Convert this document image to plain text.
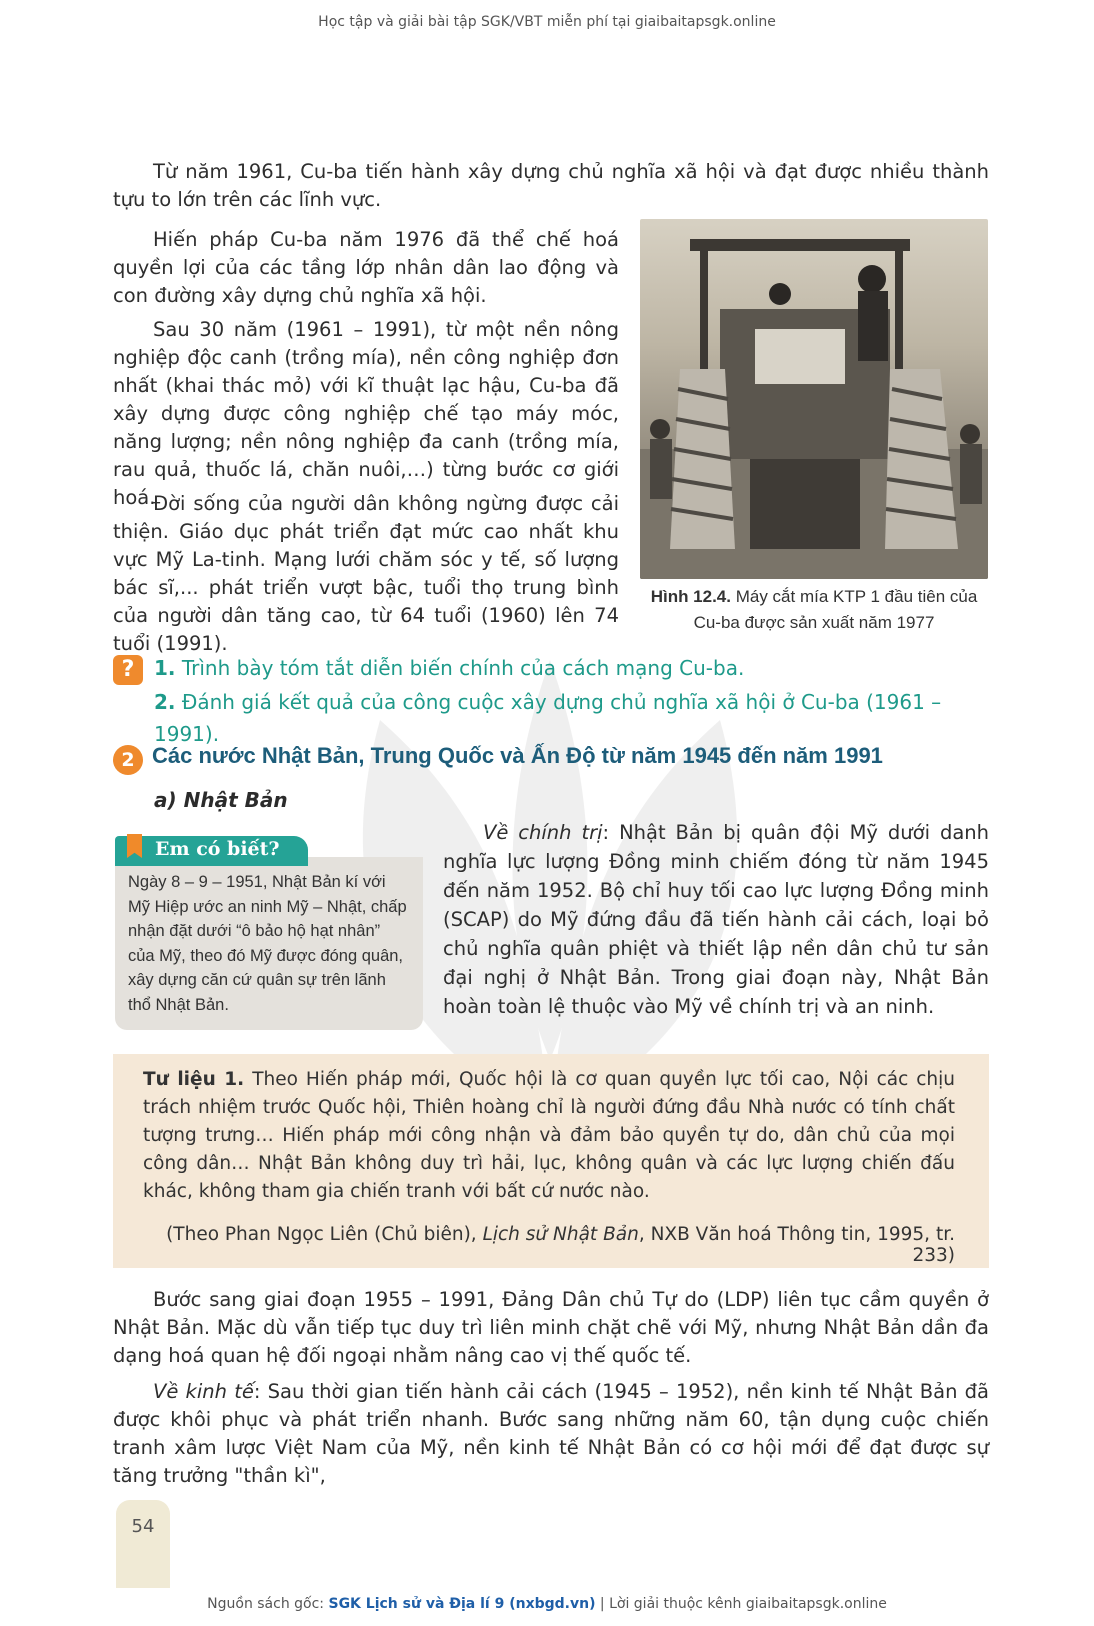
Học tập và giải bài tập SGK/VBT miễn phí tại giaibaitapsgk.online
Từ năm 1961, Cu-ba tiến hành xây dựng chủ nghĩa xã hội và đạt được nhiều thành tựu to lớn trên các lĩnh vực.
Hiến pháp Cu-ba năm 1976 đã thể chế hoá quyền lợi của các tầng lớp nhân dân lao động và con đường xây dựng chủ nghĩa xã hội.
Sau 30 năm (1961 – 1991), từ một nền nông nghiệp độc canh (trồng mía), nền công nghiệp đơn nhất (khai thác mỏ) với kĩ thuật lạc hậu, Cu-ba đã xây dựng được công nghiệp chế tạo máy móc, năng lượng; nền nông nghiệp đa canh (trồng mía, rau quả, thuốc lá, chăn nuôi,…) từng bước cơ giới hoá.
Đời sống của người dân không ngừng được cải thiện. Giáo dục phát triển đạt mức cao nhất khu vực Mỹ La-tinh. Mạng lưới chăm sóc y tế, số lượng bác sĩ,... phát triển vượt bậc, tuổi thọ trung bình của người dân tăng cao, từ 64 tuổi (1960) lên 74 tuổi (1991).
Hình 12.4. Máy cắt mía KTP 1 đầu tiên của Cu-ba được sản xuất năm 1977
? 1. Trình bày tóm tắt diễn biến chính của cách mạng Cu-ba.
2. Đánh giá kết quả của công cuộc xây dựng chủ nghĩa xã hội ở Cu-ba (1961 – 1991).
2 Các nước Nhật Bản, Trung Quốc và Ấn Độ từ năm 1945 đến năm 1991
a) Nhật Bản
Em có biết?
Ngày 8 – 9 – 1951, Nhật Bản kí với Mỹ Hiệp ước an ninh Mỹ – Nhật, chấp nhận đặt dưới “ô bảo hộ hạt nhân” của Mỹ, theo đó Mỹ được đóng quân, xây dựng căn cứ quân sự trên lãnh thổ Nhật Bản.
Về chính trị: Nhật Bản bị quân đội Mỹ dưới danh nghĩa lực lượng Đồng minh chiếm đóng từ năm 1945 đến năm 1952. Bộ chỉ huy tối cao lực lượng Đồng minh (SCAP) do Mỹ đứng đầu đã tiến hành cải cách, loại bỏ chủ nghĩa quân phiệt và thiết lập nền dân chủ tư sản đại nghị ở Nhật Bản. Trong giai đoạn này, Nhật Bản hoàn toàn lệ thuộc vào Mỹ về chính trị và an ninh.
Tư liệu 1. Theo Hiến pháp mới, Quốc hội là cơ quan quyền lực tối cao, Nội các chịu trách nhiệm trước Quốc hội, Thiên hoàng chỉ là người đứng đầu Nhà nước có tính chất tượng trưng… Hiến pháp mới công nhận và đảm bảo quyền tự do, dân chủ của mọi công dân… Nhật Bản không duy trì hải, lục, không quân và các lực lượng chiến đấu khác, không tham gia chiến tranh với bất cứ nước nào.
(Theo Phan Ngọc Liên (Chủ biên), Lịch sử Nhật Bản, NXB Văn hoá Thông tin, 1995, tr. 233)
Bước sang giai đoạn 1955 – 1991, Đảng Dân chủ Tự do (LDP) liên tục cầm quyền ở Nhật Bản. Mặc dù vẫn tiếp tục duy trì liên minh chặt chẽ với Mỹ, nhưng Nhật Bản dần đa dạng hoá quan hệ đối ngoại nhằm nâng cao vị thế quốc tế.
Về kinh tế: Sau thời gian tiến hành cải cách (1945 – 1952), nền kinh tế Nhật Bản đã được khôi phục và phát triển nhanh. Bước sang những năm 60, tận dụng cuộc chiến tranh xâm lược Việt Nam của Mỹ, nền kinh tế Nhật Bản có cơ hội mới để đạt được sự tăng trưởng "thần kì",
54
Nguồn sách gốc: SGK Lịch sử và Địa lí 9 (nxbgd.vn) | Lời giải thuộc kênh giaibaitapsgk.online
